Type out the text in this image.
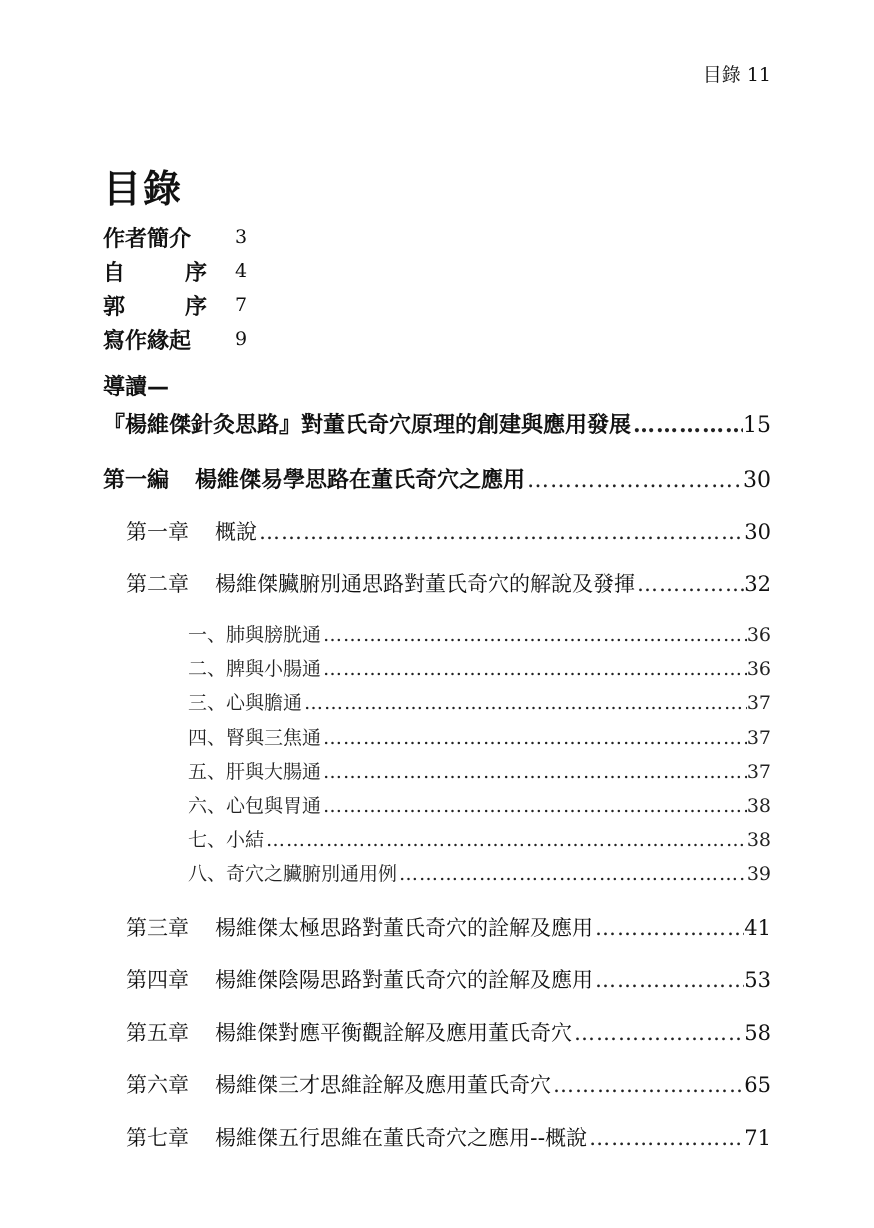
目錄 11
目錄
作者簡介 3
自	序 4
郭	序 7
寫作緣起 9
導讀—
『楊維傑針灸思路』對董氏奇穴原理的創建與應用發展 …………………………………………………………………………………………………………………………………………	15
第一編 楊維傑易學思路在董氏奇穴之應用 …………………………………………………………………………………………………………………………………………	30
第一章 概說 …………………………………………………………………………………………………………………………………………	30
第二章 楊維傑臟腑別通思路對董氏奇穴的解說及發揮 …………………………………………………………………………………………………………………………………………	32
一、肺與膀胱通 …………………………………………………………………………………………………………………………………………	36
二、脾與小腸通 …………………………………………………………………………………………………………………………………………	36
三、心與膽通 …………………………………………………………………………………………………………………………………………	37
四、腎與三焦通 …………………………………………………………………………………………………………………………………………	37
五、肝與大腸通 …………………………………………………………………………………………………………………………………………	37
六、心包與胃通 …………………………………………………………………………………………………………………………………………	38
七、小結 …………………………………………………………………………………………………………………………………………	38
八、奇穴之臟腑別通用例 …………………………………………………………………………………………………………………………………………	39
第三章 楊維傑太極思路對董氏奇穴的詮解及應用 …………………………………………………………………………………………………………………………………………	41
第四章 楊維傑陰陽思路對董氏奇穴的詮解及應用 …………………………………………………………………………………………………………………………………………	53
第五章 楊維傑對應平衡觀詮解及應用董氏奇穴 …………………………………………………………………………………………………………………………………………	58
第六章 楊維傑三才思維詮解及應用董氏奇穴 …………………………………………………………………………………………………………………………………………	65
第七章 楊維傑五行思維在董氏奇穴之應用--概說 …………………………………………………………………………………………………………………………………………	71
